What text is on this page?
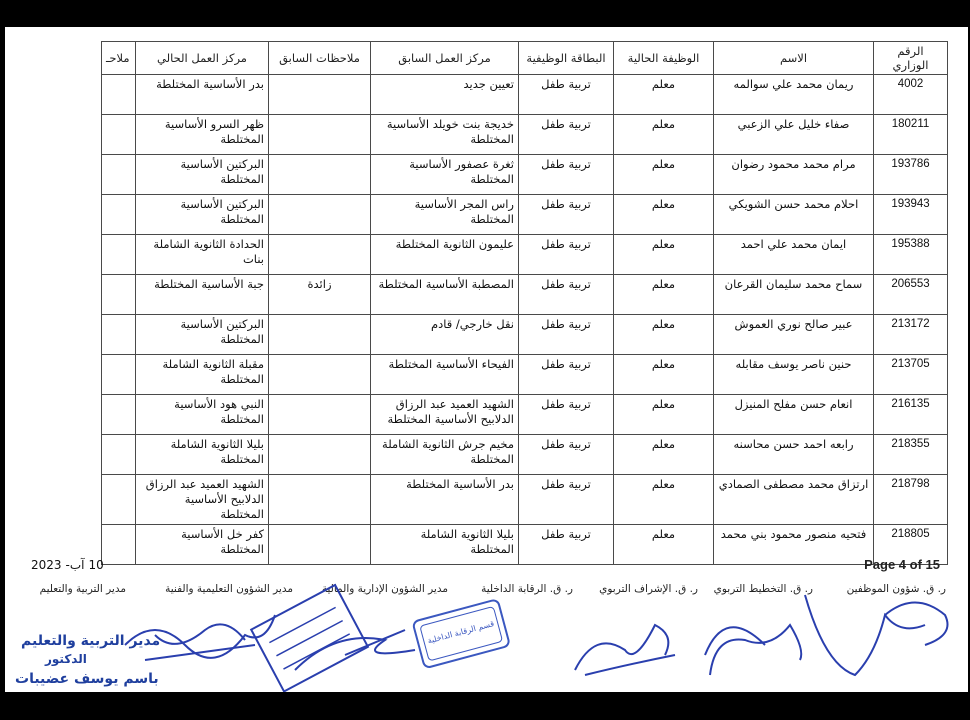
الرقم الوزاري	الاسم	الوظيفة الحالية	البطاقة الوظيفية	مركز العمل السابق	ملاحظات السابق	مركز العمل الحالي	ملاحـ
4002	ريمان محمد علي سوالمه	معلم	تربية طفل	تعيين جديد		بدر الأساسية المختلطة	
180211	صفاء خليل علي الزعبي	معلم	تربية طفل	خديجة بنت خويلد الأساسية المختلطة		ظهر السرو الأساسية المختلطة	
193786	مرام محمد محمود رضوان	معلم	تربية طفل	ثغرة عصفور الأساسية المختلطة		البركتين الأساسية المختلطة	
193943	احلام محمد حسن الشويكي	معلم	تربية طفل	راس المجر الأساسية المختلطة		البركتين الأساسية المختلطة	
195388	ايمان محمد علي احمد	معلم	تربية طفل	عليمون الثانوية المختلطة		الحدادة الثانوية الشاملة بنات	
206553	سماح محمد سليمان القرعان	معلم	تربية طفل	المصطبة الأساسية المختلطة	زائدة	جبة الأساسية المختلطة	
213172	عبير صالح نوري العموش	معلم	تربية طفل	نقل خارجي/ قادم		البركتين الأساسية المختلطة	
213705	حنين ناصر يوسف مقابله	معلم	تربية طفل	الفيحاء الأساسية المختلطة		مقبلة الثانوية الشاملة المختلطة	
216135	انعام حسن مفلح المنيزل	معلم	تربية طفل	الشهيد العميد عبد الرزاق الدلابيح الأساسية المختلطة		النبي هود الأساسية المختلطة	
218355	رابعه احمد حسن محاسنه	معلم	تربية طفل	مخيم جرش الثانوية الشاملة المختلطة		بليلا الثانوية الشاملة المختلطة	
218798	ارتزاق محمد مصطفى الصمادي	معلم	تربية طفل	بدر الأساسية المختلطة		الشهيد العميد عبد الرزاق الدلابيح الأساسية المختلطة	
218805	فتحيه منصور محمود بني محمد	معلم	تربية طفل	بليلا الثانوية الشاملة المختلطة		كفر خل الأساسية المختلطة	
Page 4 of 15
10آب-2023
ر. ق. شؤون الموظفين
ر. ق. التخطيط التربوي
ر. ق. الإشراف التربوي
ر. ق. الرقابة الداخلية
مدير الشؤون الإدارية والمالية
مدير الشؤون التعليمية والفنية
مدير التربية والتعليم
مدير التربية والتعليم
الدكتور
باسم يوسف عضيبات
قسم الرقابة الداخلية
